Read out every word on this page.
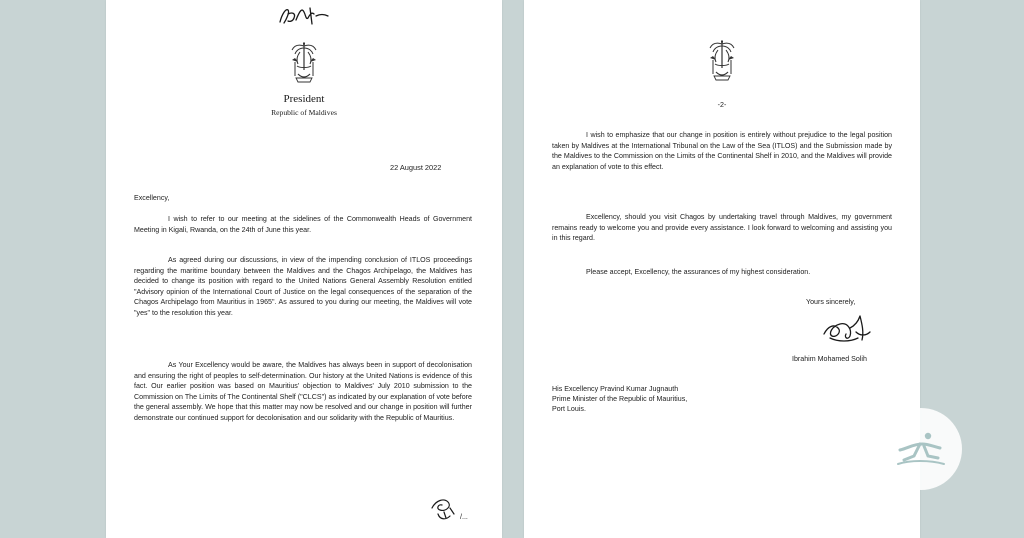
President

Republic of Maldives

22 August 2022

Excellency,

I wish to refer to our meeting at the sidelines of the Commonwealth Heads of Government Meeting in Kigali, Rwanda, on the 24th of June this year.

As agreed during our discussions, in view of the impending conclusion of ITLOS proceedings regarding the maritime boundary between the Maldives and the Chagos Archipelago, the Maldives has decided to change its position with regard to the United Nations General Assembly Resolution entitled "Advisory opinion of the International Court of Justice on the legal consequences of the separation of the Chagos Archipelago from Mauritius in 1965". As assured to you during our meeting, the Maldives will vote "yes" to the resolution this year.

As Your Excellency would be aware, the Maldives has always been in support of decolonisation and ensuring the right of peoples to self-determination. Our history at the United Nations is evidence of this fact. Our earlier position was based on Mauritius' objection to Maldives' July 2010 submission to the Commission on The Limits of The Continental Shelf ("CLCS") as indicated by our explanation of vote before the general assembly. We hope that this matter may now be resolved and our change in position will further demonstrate our continued support for decolonisation and our solidarity with the Republic of Mauritius.

/...

-2-

I wish to emphasize that our change in position is entirely without prejudice to the legal position taken by Maldives at the International Tribunal on the Law of the Sea (ITLOS) and the Submission made by the Maldives to the Commission on the Limits of the Continental Shelf in 2010, and the Maldives will provide an explanation of vote to this effect.

Excellency, should you visit Chagos by undertaking travel through Maldives, my government remains ready to welcome you and provide every assistance. I look forward to welcoming and assisting you in this regard.

Please accept, Excellency, the assurances of my highest consideration.

Yours sincerely,

Ibrahim Mohamed Solih

His Excellency Pravind Kumar Jugnauth

Prime Minister of the Republic of Mauritius,

Port Louis.
